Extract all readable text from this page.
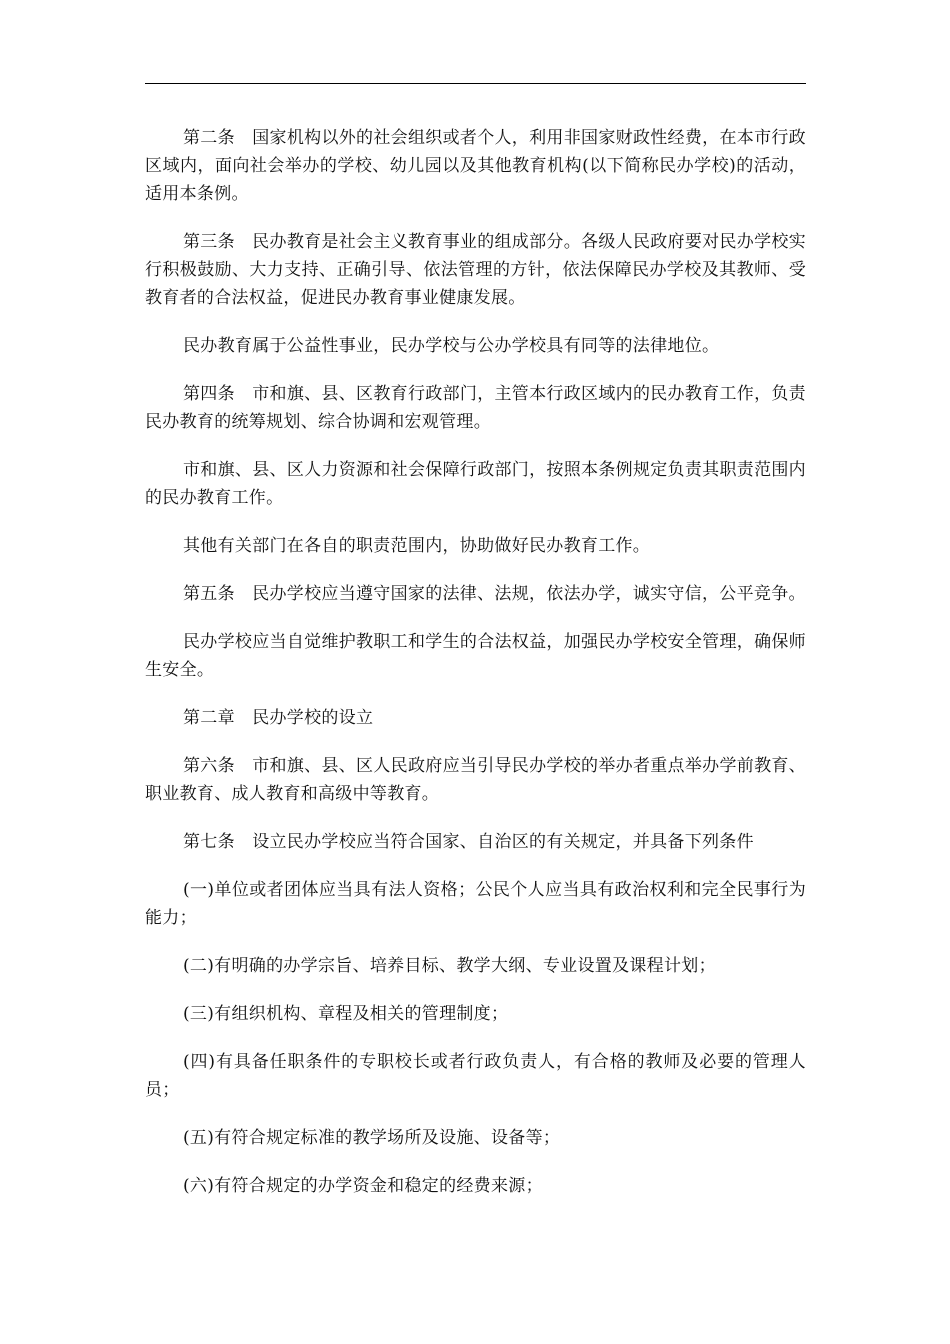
第二条　国家机构以外的社会组织或者个人，利用非国家财政性经费，在本市行政区域内，面向社会举办的学校、幼儿园以及其他教育机构(以下简称民办学校)的活动，适用本条例。

第三条　民办教育是社会主义教育事业的组成部分。各级人民政府要对民办学校实行积极鼓励、大力支持、正确引导、依法管理的方针，依法保障民办学校及其教师、受教育者的合法权益，促进民办教育事业健康发展。

民办教育属于公益性事业，民办学校与公办学校具有同等的法律地位。

第四条　市和旗、县、区教育行政部门，主管本行政区域内的民办教育工作，负责民办教育的统筹规划、综合协调和宏观管理。

市和旗、县、区人力资源和社会保障行政部门，按照本条例规定负责其职责范围内的民办教育工作。

其他有关部门在各自的职责范围内，协助做好民办教育工作。

第五条　民办学校应当遵守国家的法律、法规，依法办学，诚实守信，公平竞争。

民办学校应当自觉维护教职工和学生的合法权益，加强民办学校安全管理，确保师生安全。

第二章　民办学校的设立

第六条　市和旗、县、区人民政府应当引导民办学校的举办者重点举办学前教育、职业教育、成人教育和高级中等教育。

第七条　设立民办学校应当符合国家、自治区的有关规定，并具备下列条件

(一)单位或者团体应当具有法人资格；公民个人应当具有政治权利和完全民事行为能力；

(二)有明确的办学宗旨、培养目标、教学大纲、专业设置及课程计划；

(三)有组织机构、章程及相关的管理制度；

(四)有具备任职条件的专职校长或者行政负责人，有合格的教师及必要的管理人员；

(五)有符合规定标准的教学场所及设施、设备等；

(六)有符合规定的办学资金和稳定的经费来源；
